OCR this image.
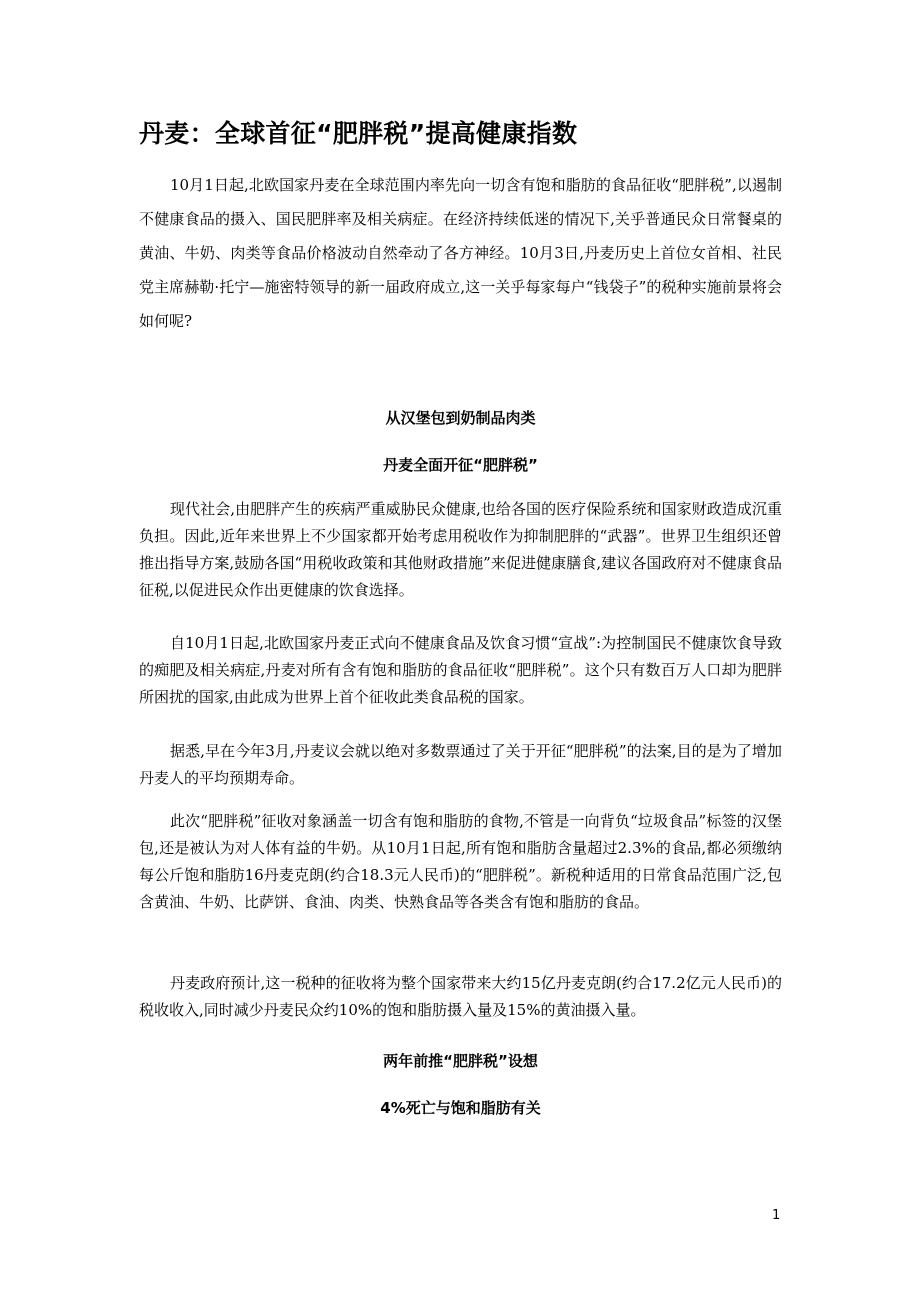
丹麦：全球首征“肥胖税”提高健康指数

10月1日起,北欧国家丹麦在全球范围内率先向一切含有饱和脂肪的食品征收“肥胖税”,以遏制不健康食品的摄入、国民肥胖率及相关病症。在经济持续低迷的情况下,关乎普通民众日常餐桌的黄油、牛奶、肉类等食品价格波动自然牵动了各方神经。10月3日,丹麦历史上首位女首相、社民党主席赫勒·托宁—施密特领导的新一届政府成立,这一关乎每家每户“钱袋子”的税种实施前景将会如何呢?

从汉堡包到奶制品肉类
丹麦全面开征“肥胖税”

现代社会,由肥胖产生的疾病严重威胁民众健康,也给各国的医疗保险系统和国家财政造成沉重负担。因此,近年来世界上不少国家都开始考虑用税收作为抑制肥胖的“武器”。世界卫生组织还曾推出指导方案,鼓励各国“用税收政策和其他财政措施”来促进健康膳食,建议各国政府对不健康食品征税,以促进民众作出更健康的饮食选择。

自10月1日起,北欧国家丹麦正式向不健康食品及饮食习惯“宣战”:为控制国民不健康饮食导致的痴肥及相关病症,丹麦对所有含有饱和脂肪的食品征收“肥胖税”。这个只有数百万人口却为肥胖所困扰的国家,由此成为世界上首个征收此类食品税的国家。

据悉,早在今年3月,丹麦议会就以绝对多数票通过了关于开征“肥胖税”的法案,目的是为了增加丹麦人的平均预期寿命。

此次“肥胖税”征收对象涵盖一切含有饱和脂肪的食物,不管是一向背负“垃圾食品”标签的汉堡包,还是被认为对人体有益的牛奶。从10月1日起,所有饱和脂肪含量超过2.3%的食品,都必须缴纳每公斤饱和脂肪16丹麦克朗(约合18.3元人民币)的“肥胖税”。新税种适用的日常食品范围广泛,包含黄油、牛奶、比萨饼、食油、肉类、快熟食品等各类含有饱和脂肪的食品。

丹麦政府预计,这一税种的征收将为整个国家带来大约15亿丹麦克朗(约合17.2亿元人民币)的税收收入,同时减少丹麦民众约10%的饱和脂肪摄入量及15%的黄油摄入量。

两年前推“肥胖税”设想
4%死亡与饱和脂肪有关
1
